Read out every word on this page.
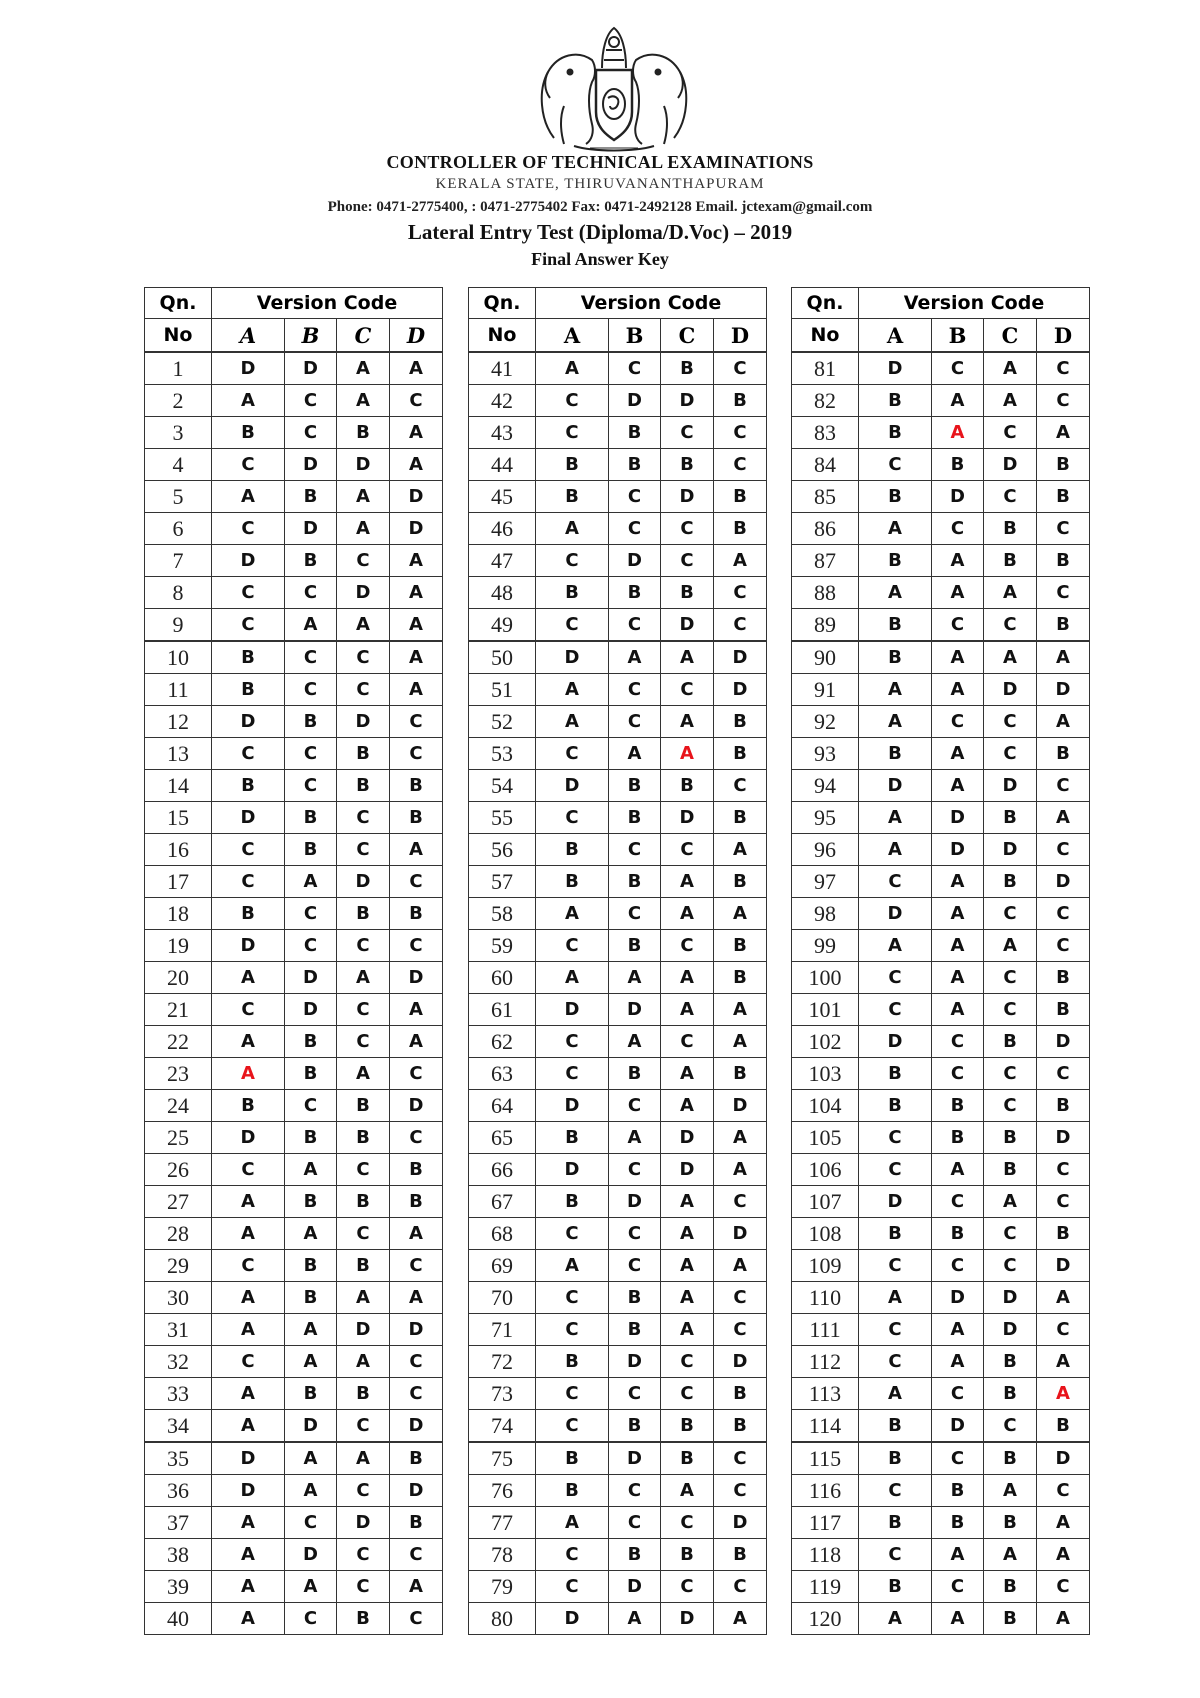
CONTROLLER OF TECHNICAL EXAMINATIONS
KERALA STATE, THIRUVANANTHAPURAM
Phone: 0471-2775400, : 0471-2775402 Fax: 0471-2492128 Email. jctexam@gmail.com
Lateral Entry Test (Diploma/D.Voc) – 2019
Final Answer Key
Qn.	Version Code			
No	A	B	C	D
1	D	D	A	A
2	A	C	A	C
3	B	C	B	A
4	C	D	D	A
5	A	B	A	D
6	C	D	A	D
7	D	B	C	A
8	C	C	D	A
9	C	A	A	A
10	B	C	C	A
11	B	C	C	A
12	D	B	D	C
13	C	C	B	C
14	B	C	B	B
15	D	B	C	B
16	C	B	C	A
17	C	A	D	C
18	B	C	B	B
19	D	C	C	C
20	A	D	A	D
21	C	D	C	A
22	A	B	C	A
23	A	B	A	C
24	B	C	B	D
25	D	B	B	C
26	C	A	C	B
27	A	B	B	B
28	A	A	C	A
29	C	B	B	C
30	A	B	A	A
31	A	A	D	D
32	C	A	A	C
33	A	B	B	C
34	A	D	C	D
35	D	A	A	B
36	D	A	C	D
37	A	C	D	B
38	A	D	C	C
39	A	A	C	A
40	A	C	B	C
Qn.	Version Code			
No	A	B	C	D
41	A	C	B	C
42	C	D	D	B
43	C	B	C	C
44	B	B	B	C
45	B	C	D	B
46	A	C	C	B
47	C	D	C	A
48	B	B	B	C
49	C	C	D	C
50	D	A	A	D
51	A	C	C	D
52	A	C	A	B
53	C	A	A	B
54	D	B	B	C
55	C	B	D	B
56	B	C	C	A
57	B	B	A	B
58	A	C	A	A
59	C	B	C	B
60	A	A	A	B
61	D	D	A	A
62	C	A	C	A
63	C	B	A	B
64	D	C	A	D
65	B	A	D	A
66	D	C	D	A
67	B	D	A	C
68	C	C	A	D
69	A	C	A	A
70	C	B	A	C
71	C	B	A	C
72	B	D	C	D
73	C	C	C	B
74	C	B	B	B
75	B	D	B	C
76	B	C	A	C
77	A	C	C	D
78	C	B	B	B
79	C	D	C	C
80	D	A	D	A
Qn.	Version Code			
No	A	B	C	D
81	D	C	A	C
82	B	A	A	C
83	B	A	C	A
84	C	B	D	B
85	B	D	C	B
86	A	C	B	C
87	B	A	B	B
88	A	A	A	C
89	B	C	C	B
90	B	A	A	A
91	A	A	D	D
92	A	C	C	A
93	B	A	C	B
94	D	A	D	C
95	A	D	B	A
96	A	D	D	C
97	C	A	B	D
98	D	A	C	C
99	A	A	A	C
100	C	A	C	B
101	C	A	C	B
102	D	C	B	D
103	B	C	C	C
104	B	B	C	B
105	C	B	B	D
106	C	A	B	C
107	D	C	A	C
108	B	B	C	B
109	C	C	C	D
110	A	D	D	A
111	C	A	D	C
112	C	A	B	A
113	A	C	B	A
114	B	D	C	B
115	B	C	B	D
116	C	B	A	C
117	B	B	B	A
118	C	A	A	A
119	B	C	B	C
120	A	A	B	A
